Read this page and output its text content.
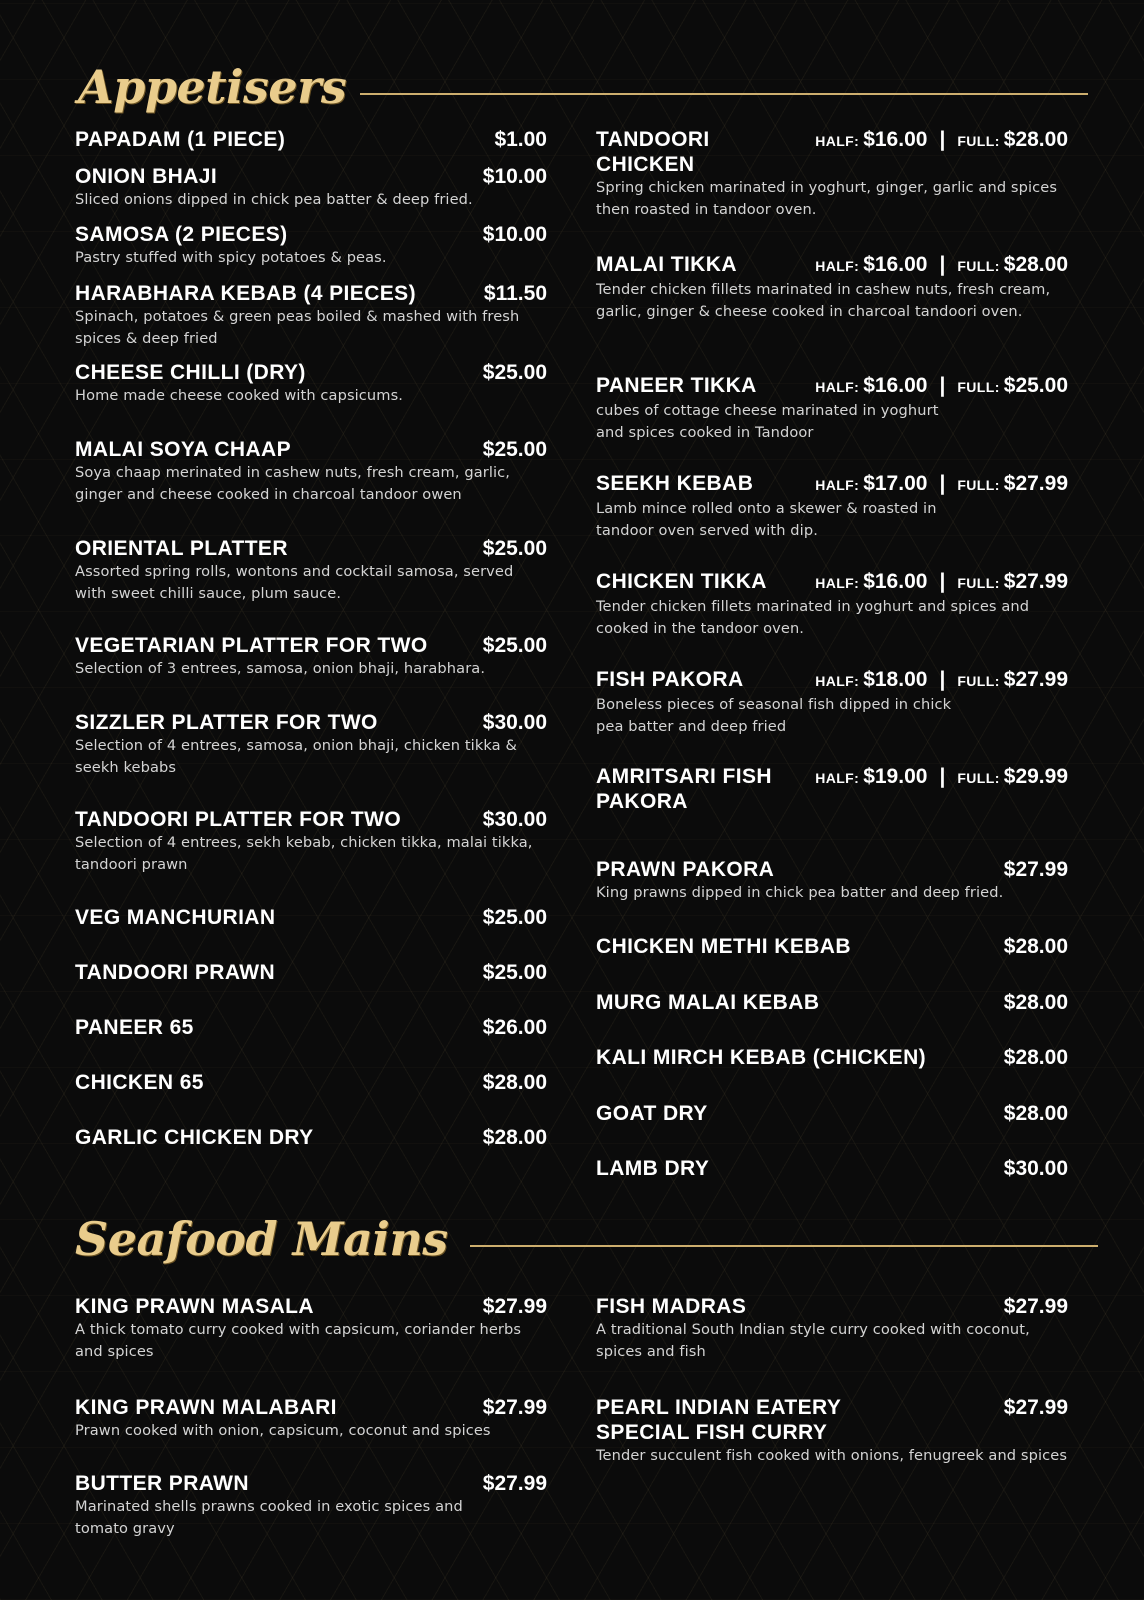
Appetisers
PAPADAM (1 PIECE)	$1.00
ONION BHAJI	$10.00
Sliced onions dipped in chick pea batter & deep fried.
SAMOSA (2 PIECES)	$10.00
Pastry stuffed with spicy potatoes & peas.
HARABHARA KEBAB (4 PIECES)	$11.50
Spinach, potatoes & green peas boiled & mashed with fresh spices & deep fried
CHEESE CHILLI (DRY)	$25.00
Home made cheese cooked with capsicums.
MALAI SOYA CHAAP	$25.00
Soya chaap merinated in cashew nuts, fresh cream, garlic, ginger and cheese cooked in charcoal tandoor owen
ORIENTAL PLATTER	$25.00
Assorted spring rolls, wontons and cocktail samosa, served with sweet chilli sauce, plum sauce.
VEGETARIAN PLATTER FOR TWO	$25.00
Selection of 3 entrees, samosa, onion bhaji, harabhara.
SIZZLER PLATTER FOR TWO	$30.00
Selection of 4 entrees, samosa, onion bhaji, chicken tikka & seekh kebabs
TANDOORI PLATTER FOR TWO	$30.00
Selection of 4 entrees, sekh kebab, chicken tikka, malai tikka, tandoori prawn
VEG MANCHURIAN	$25.00
TANDOORI PRAWN	$25.00
PANEER 65	$26.00
CHICKEN 65	$28.00
GARLIC CHICKEN DRY	$28.00
TANDOORI CHICKEN
HALF: $16.00 | FULL: $28.00
Spring chicken marinated in yoghurt, ginger, garlic and spices then roasted in tandoor oven.
MALAI TIKKA	HALF: $16.00 | FULL: $28.00
Tender chicken fillets marinated in cashew nuts, fresh cream, garlic, ginger & cheese cooked in charcoal tandoori oven.
PANEER TIKKA	HALF: $16.00 | FULL: $25.00
cubes of cottage cheese marinated in yoghurt and spices cooked in Tandoor
SEEKH KEBAB	HALF: $17.00 | FULL: $27.99
Lamb mince rolled onto a skewer & roasted in tandoor oven served with dip.
CHICKEN TIKKA	HALF: $16.00 | FULL: $27.99
Tender chicken fillets marinated in yoghurt and spices and cooked in the tandoor oven.
FISH PAKORA	HALF: $18.00 | FULL: $27.99
Boneless pieces of seasonal fish dipped in chick pea batter and deep fried
AMRITSARI FISH PAKORA
HALF: $19.00 | FULL: $29.99
PRAWN PAKORA	$27.99
King prawns dipped in chick pea batter and deep fried.
CHICKEN METHI KEBAB	$28.00
MURG MALAI KEBAB	$28.00
KALI MIRCH KEBAB (CHICKEN)	$28.00
GOAT DRY	$28.00
LAMB DRY	$30.00
Seafood Mains
KING PRAWN MASALA	$27.99
A thick tomato curry cooked with capsicum, coriander herbs and spices
KING PRAWN MALABARI	$27.99
Prawn cooked with onion, capsicum, coconut and spices
BUTTER PRAWN	$27.99
Marinated shells prawns cooked in exotic spices and tomato gravy
FISH MADRAS	$27.99
A traditional South Indian style curry cooked with coconut, spices and fish
PEARL INDIAN EATERY SPECIAL FISH CURRY
$27.99
Tender succulent fish cooked with onions, fenugreek and spices
